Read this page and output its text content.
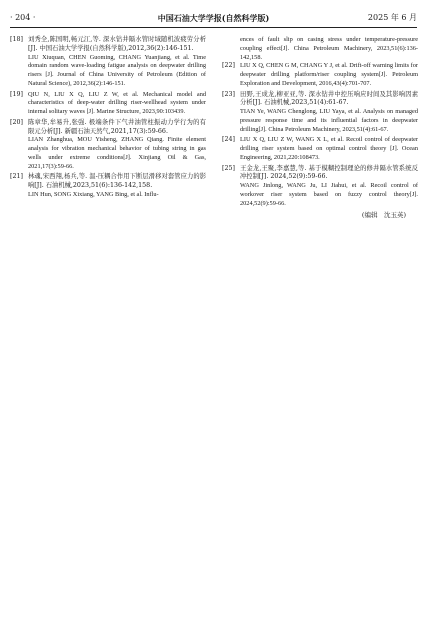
· 204 ·	中国石油大学学报(自然科学版)	2025 年 6 月
[18] 刘秀全,陈国明,畅元江,等. 深水钻井隔水管时域随机波疲劳分析[J]. 中国石油大学学报(自然科学版),2012,36(2):146-151.

LIU Xiuquan, CHEN Guoming, CHANG Yuanjiang, et al. Time domain random wave-loading fatigue analysis on deepwater drilling risers [J]. Journal of China University of Petroleum (Edition of Natural Science), 2012,36(2):146-151.

[19] QIU N, LIU X Q, LIU Z W, et al. Mechanical model and characteristics of deep-water drilling riser-wellhead system under internal solitary waves [J]. Marine Structure, 2023,90:103439.

[20] 陈章华,牟易升,张强. 极端条件下气井油管柱振动力学行为的有限元分析[J]. 新疆石油天然气,2021,17(3):59-66.

LIAN Zhanghua, MOU Yisheng, ZHANG Qiang. Finite element analysis for vibration mechanical behavior of tubing string in gas wells under extreme conditions[J]. Xinjiang Oil & Gas, 2021,17(3):59-66.

[21] 林魂,宋西翔,杨兵,等. 温-压耦合作用下断层滑移对套管应力的影响[J]. 石油机械,2023,51(6):136-142,158.

LIN Hun, SONG Xixiang, YANG Bing, et al. Influ-

ences of fault slip on casing stress under temperature-pressure coupling effect[J]. China Petroleum Machinery, 2023,51(6):136-142,158.

[22] LIU X Q, CHEN G M, CHANG Y J, et al. Drift-off warning limits for deepwater drilling platform/riser coupling system[J]. Petroleum Exploration and Development, 2016,43(4):701-707.

[23] 田野,王成龙,柳亚亚,等. 深水钻井中控压响应时间及其影响因素分析[J]. 石油机械,2023,51(4):61-67.

TIAN Ye, WANG Chenglong, LIU Yaya, et al. Analysis on managed pressure response time and its influential factors in deepwater drilling[J]. China Petroleum Machinery, 2023,51(4):61-67.

[24] LIU X Q, LIU Z W, WANG X L, et al. Recoil control of deepwater drilling riser system based on optimal control theory [J]. Ocean Engineering, 2021,220:108473.

[25] 王金龙,王聚,李嘉慧,等. 基于模糊控制理论的修井隔水管系统反冲控制[J]. 2024,52(9):59-66.

WANG Jinlong, WANG Ju, LI Jiahui, et al. Recoil control of workover riser system based on fuzzy control theory[J]. 2024,52(9):59-66.

(编辑　沈玉英)
